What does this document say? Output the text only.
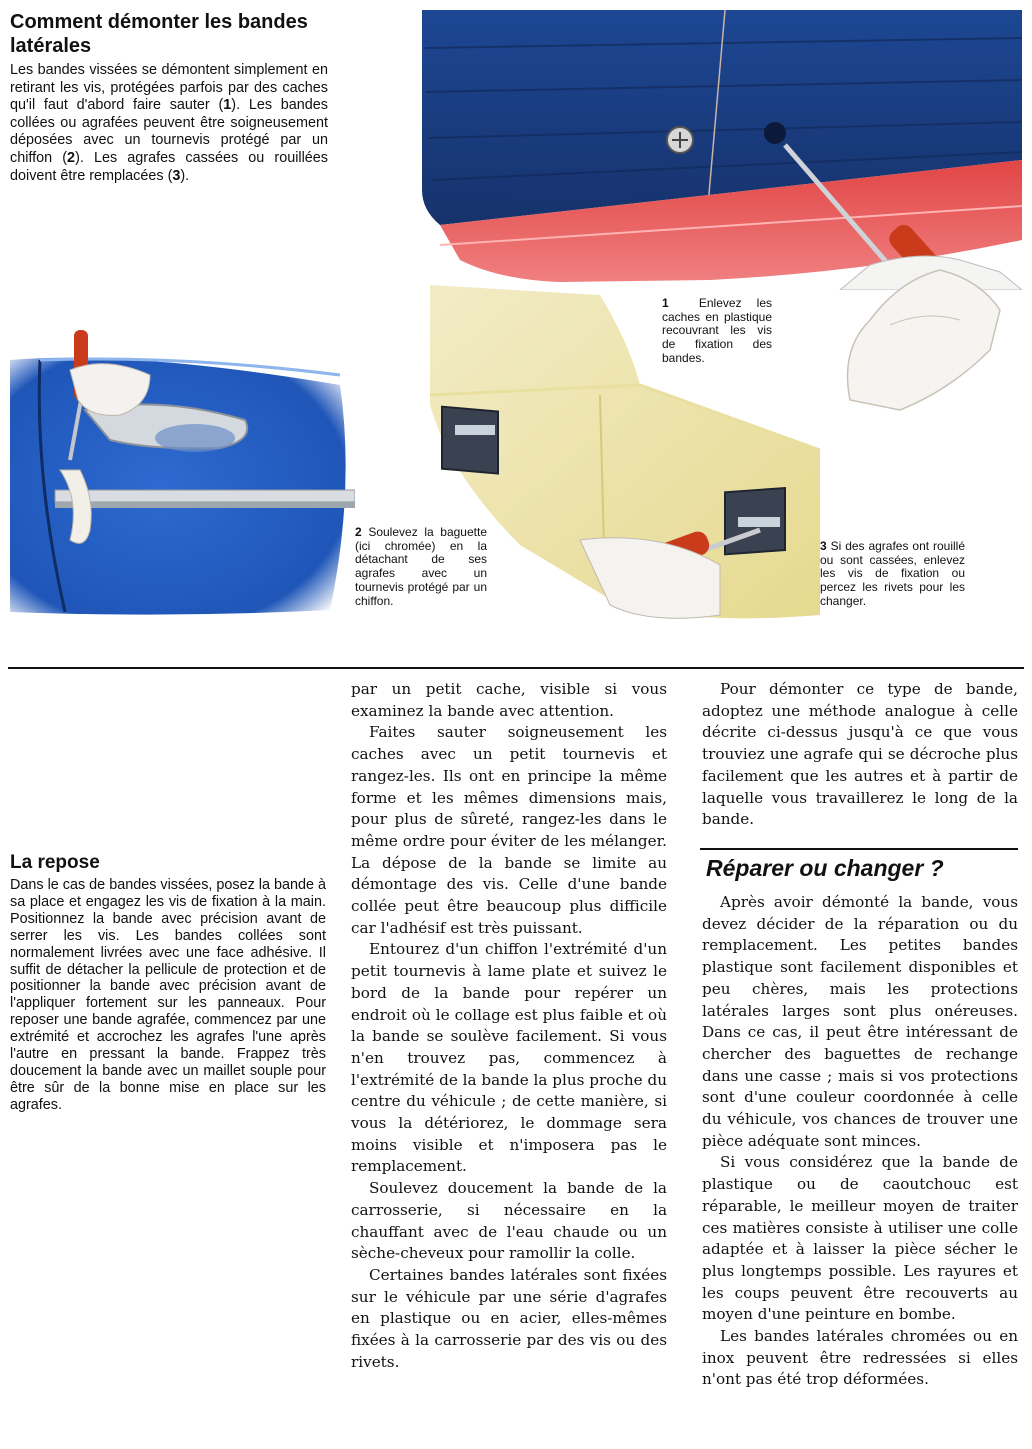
Comment démonter les bandes latérales

Les bandes vissées se démontent simplement en retirant les vis, protégées parfois par des caches qu'il faut d'abord faire sauter (1). Les bandes collées ou agrafées peuvent être soigneusement déposées avec un tournevis protégé par un chiffon (2). Les agrafes cassées ou rouillées doivent être remplacées (3).

1	Enlevez les caches en plastique recouvrant les vis de fixation des bandes.
2 Soulevez la baguette (ici chromée) en la détachant de ses agrafes avec un tournevis protégé par un chiffon.
3 Si des agrafes ont rouillé ou sont cassées, enlevez les vis de fixation ou percez les rivets pour les changer.
La repose

Dans le cas de bandes vissées, posez la bande à sa place et engagez les vis de fixation à la main. Positionnez la bande avec précision avant de serrer les vis. Les bandes collées sont normalement livrées avec une face adhésive. Il suffit de détacher la pellicule de protection et de positionner la bande avec précision avant de l'appliquer fortement sur les panneaux. Pour reposer une bande agrafée, commencez par une extrémité et accrochez les agrafes l'une après l'autre en pressant la bande. Frappez très doucement la bande avec un maillet souple pour être sûr de la bonne mise en place sur les agrafes.

par un petit cache, visible si vous examinez la bande avec attention.

Faites sauter soigneusement les caches avec un petit tournevis et rangez-les. Ils ont en principe la même forme et les mêmes dimensions mais, pour plus de sûreté, rangez-les dans le même ordre pour éviter de les mélanger. La dépose de la bande se limite au démontage des vis. Celle d'une bande collée peut être beaucoup plus difficile car l'adhésif est très puissant.

Entourez d'un chiffon l'extrémité d'un petit tournevis à lame plate et suivez le bord de la bande pour repérer un endroit où le collage est plus faible et où la bande se soulève facilement. Si vous n'en trouvez pas, commencez à l'extrémité de la bande la plus proche du centre du véhicule ; de cette manière, si vous la détériorez, le dommage sera moins visible et n'imposera pas le remplacement.

Soulevez doucement la bande de la carrosserie, si nécessaire en la chauffant avec de l'eau chaude ou un sèche-cheveux pour ramollir la colle.

Certaines bandes latérales sont fixées sur le véhicule par une série d'agrafes en plastique ou en acier, elles-mêmes fixées à la carrosserie par des vis ou des rivets.

Pour démonter ce type de bande, adoptez une méthode analogue à celle décrite ci-dessus jusqu'à ce que vous trouviez une agrafe qui se décroche plus facilement que les autres et à partir de laquelle vous travaillerez le long de la bande.

Réparer ou changer ?

Après avoir démonté la bande, vous devez décider de la réparation ou du remplacement. Les petites bandes plastique sont facilement disponibles et peu chères, mais les protections latérales larges sont plus onéreuses. Dans ce cas, il peut être intéressant de chercher des baguettes de rechange dans une casse ; mais si vos protections sont d'une couleur coordonnée à celle du véhicule, vos chances de trouver une pièce adéquate sont minces.

Si vous considérez que la bande de plastique ou de caoutchouc est réparable, le meilleur moyen de traiter ces matières consiste à utiliser une colle adaptée et à laisser la pièce sécher le plus longtemps possible. Les rayures et les coups peuvent être recouverts au moyen d'une peinture en bombe.

Les bandes latérales chromées ou en inox peuvent être redressées si elles n'ont pas été trop déformées.
